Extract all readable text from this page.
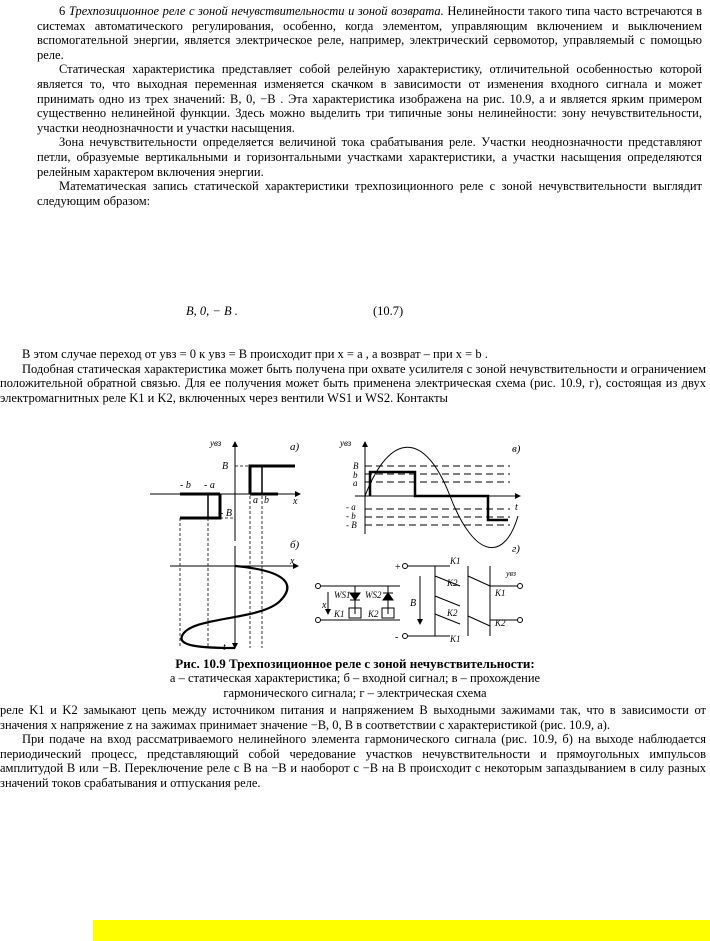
6 Трехпозиционное реле с зоной нечувствительности и зоной возврата. Нелинейности такого типа часто встречаются в системах автоматического регулирования, особенно, когда элементом, управляющим включением и выключением вспомогательной энергии, является электрическое реле, например, электрический сервомотор, управляемый с помощью реле.

Статическая характеристика представляет собой релейную характеристику, отличительной особенностью которой является то, что выходная переменная изменяется скачком в зависимости от изменения входного сигнала и может принимать одно из трех значений: B, 0, −B . Эта характеристика изображена на рис. 10.9, а и является ярким примером существенно нелинейной функции. Здесь можно выделить три типичные зоны нелинейности: зону нечувствительности, участки неоднозначности и участки насыщения.

Зона нечувствительности определяется величиной тока срабатывания реле. Участки неоднозначности представляют петли, образуемые вертикальными и горизонтальными участками характеристики, а участки насыщения определяются релейным характером включения энергии.

Математическая запись статической характеристики трехпозиционного реле с зоной нечувствительности выглядит следующим образом:

B, 0, − B .	(10.7)

В этом случае переход от yвз = 0 к yвз = B происходит при x = a , а возврат – при x = b .

Подобная статическая характеристика может быть получена при охвате усилителя с зоной нечувствительности и ограничением положительной обратной связью. Для ее получения может быть применена электрическая схема (рис. 10.9, г), состоящая из двух электромагнитных реле K1 и K2, включенных через вентили WS1 и WS2. Контакты

а)
yвз
B
- B
- b - a
a b x
б)
x
t
в)
yвз
B
b
a
- a
- b
- B
t
г)
x
WS1 WS2
K1	K2
+
-
B
K1
K2
K2
K1
K1
K2
yвз
Рис. 10.9 Трехпозиционное реле с зоной нечувствительности:
а – статическая характеристика; б – входной сигнал; в – прохождение
гармонического сигнала; г – электрическая схема

реле K1 и K2 замыкают цепь между источником питания и напряжением B выходными зажимами так, что в зависимости от значения x напряжение z на зажимах принимает значение −B, 0, B в соответствии с характеристикой (рис. 10.9, а).

При подаче на вход рассматриваемого нелинейного элемента гармонического сигнала (рис. 10.9, б) на выходе наблюдается периодический процесс, представляющий собой чередование участков нечувствительности и прямоугольных импульсов амплитудой B или −B. Переключение реле с B на −B и наоборот с −B на B происходит с некоторым запаздыванием в силу разных значений токов срабатывания и отпускания реле.
